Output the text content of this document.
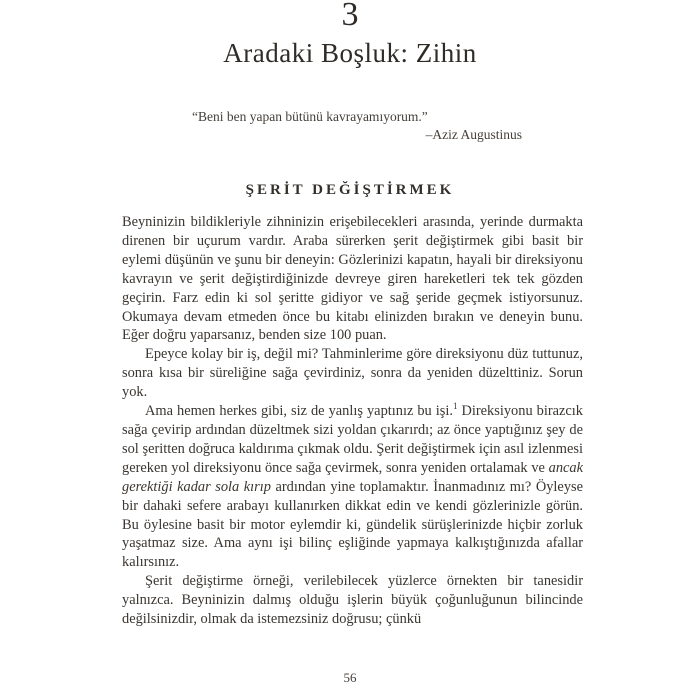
3
Aradaki Boşluk: Zihin
“Beni ben yapan bütünü kavrayamıyorum.”
–Aziz Augustinus
ŞERİT DEĞİŞTİRMEK

Beyninizin bildikleriyle zihninizin erişebilecekleri arasında, yerinde durmakta direnen bir uçurum vardır. Araba sürerken şerit değiştirmek gibi basit bir eylemi düşünün ve şunu bir deneyin: Gözlerinizi kapatın, hayali bir direksiyonu kavrayın ve şerit değiştirdiğinizde devreye giren hareketleri tek tek gözden geçirin. Farz edin ki sol şeritte gidiyor ve sağ şeride geçmek istiyorsunuz. Okumaya devam etmeden önce bu kitabı elinizden bırakın ve deneyin bunu. Eğer doğru yaparsanız, benden size 100 puan.

Epeyce kolay bir iş, değil mi? Tahminlerime göre direksiyonu düz tuttunuz, sonra kısa bir süreliğine sağa çevirdiniz, sonra da yeniden düzelttiniz. Sorun yok.

Ama hemen herkes gibi, siz de yanlış yaptınız bu işi.$^1$ Direksiyonu birazcık sağa çevirip ardından düzeltmek sizi yoldan çıkarırdı; az önce yaptığınız şey de sol şeritten doğruca kaldırıma çıkmak oldu. Şerit değiştirmek için asıl izlenmesi gereken yol direksiyonu önce sağa çevirmek, sonra yeniden ortalamak ve ancak gerektiği kadar sola kırıp ardından yine toplamaktır. İnanmadınız mı? Öyleyse bir dahaki sefere arabayı kullanırken dikkat edin ve kendi gözlerinizle görün. Bu öylesine basit bir motor eylemdir ki, gündelik sürüşlerinizde hiçbir zorluk yaşatmaz size. Ama aynı işi bilinç eşliğinde yapmaya kalkıştığınızda afallar kalırsınız.

Şerit değiştirme örneği, verilebilecek yüzlerce örnekten bir tanesidir yalnızca. Beyninizin dalmış olduğu işlerin büyük çoğunluğunun bilincinde değilsinizdir, olmak da istemezsiniz doğrusu; çünkü

56
